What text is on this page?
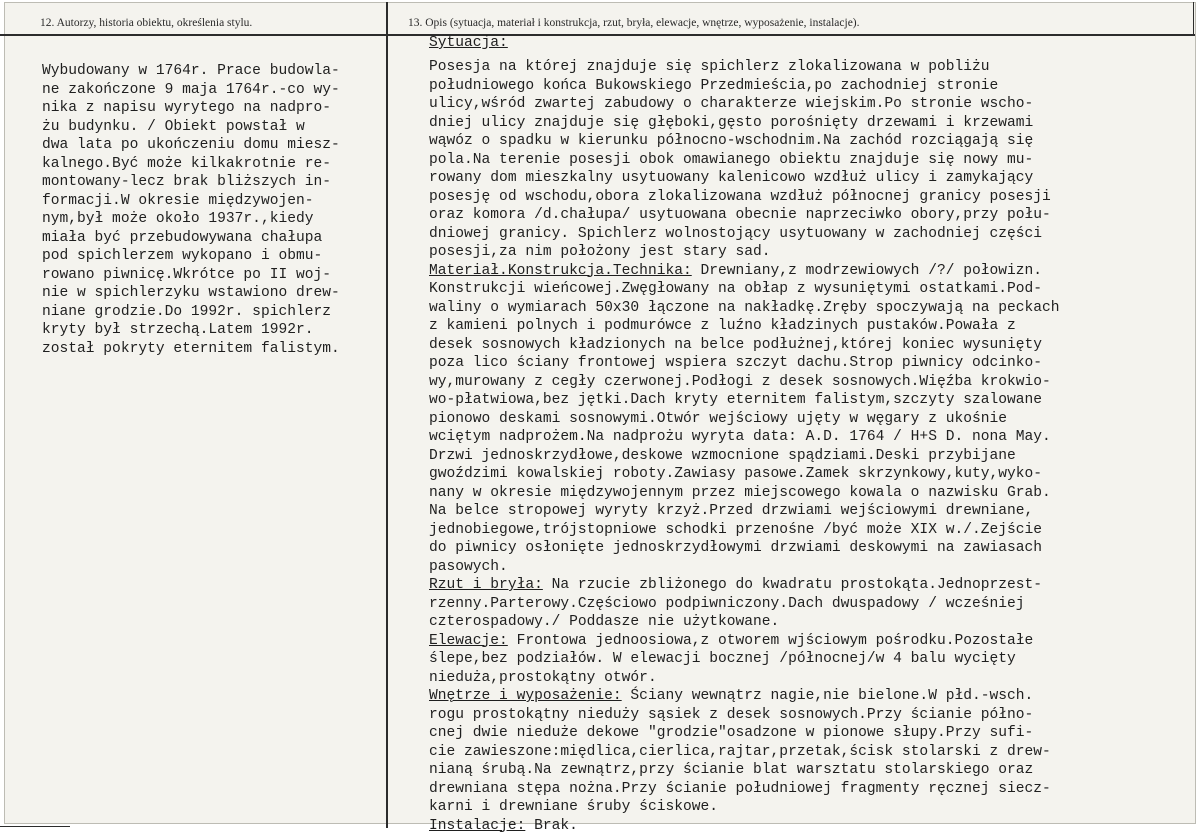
12. Autorzy, historia obiektu, określenia stylu.	13. Opis (sytuacja, materiał i konstrukcja, rzut, bryła, elewacje, wnętrze, wyposażenie, instalacje).
Sytuacja:
Wybudowany w 1764r. Prace budowla-
ne zakończone 9 maja 1764r.-co wy-
nika z napisu wyrytego na nadpro-
żu budynku. / Obiekt powstał w
dwa lata po ukończeniu domu miesz-
kalnego.Być może kilkakrotnie re-
montowany-lecz brak bliższych in-
formacji.W okresie międzywojen-
nym,był może około 1937r.,kiedy
miała być przebudowywana chałupa
pod spichlerzem wykopano i obmu-
rowano piwnicę.Wkrótce po II woj-
nie w spichlerzyku wstawiono drew-
niane grodzie.Do 1992r. spichlerz
kryty był strzechą.Latem 1992r.
został pokryty eternitem falistym.
Posesja na której znajduje się spichlerz zlokalizowana w pobliżu
południowego końca Bukowskiego Przedmieścia,po zachodniej stronie
ulicy,wśród zwartej zabudowy o charakterze wiejskim.Po stronie wscho-
dniej ulicy znajduje się głęboki,gęsto porośnięty drzewami i krzewami
wąwóz o spadku w kierunku północno-wschodnim.Na zachód rozciągają się
pola.Na terenie posesji obok omawianego obiektu znajduje się nowy mu-
rowany dom mieszkalny usytuowany kalenicowo wzdłuż ulicy i zamykający
posesję od wschodu,obora zlokalizowana wzdłuż północnej granicy posesji
oraz komora /d.chałupa/ usytuowana obecnie naprzeciwko obory,przy połu-
dniowej granicy. Spichlerz wolnostojący usytuowany w zachodniej części
posesji,za nim położony jest stary sad.
Materiał.Konstrukcja.Technika: Drewniany,z modrzewiowych /?/ połowizn.
Konstrukcji wieńcowej.Zwęgłowany na obłap z wysuniętymi ostatkami.Pod-
waliny o wymiarach 50x30 łączone na nakładkę.Zręby spoczywają na peckach
z kamieni polnych i podmurówce z luźno kładzinych pustaków.Powała z
desek sosnowych kładzionych na belce podłużnej,której koniec wysunięty
poza lico ściany frontowej wspiera szczyt dachu.Strop piwnicy odcinko-
wy,murowany z cegły czerwonej.Podłogi z desek sosnowych.Więźba krokwio-
wo-płatwiowa,bez jętki.Dach kryty eternitem falistym,szczyty szalowane
pionowo deskami sosnowymi.Otwór wejściowy ujęty w węgary z ukośnie
wciętym nadprożem.Na nadprożu wyryta data: A.D. 1764 / H+S D. nona May.
Drzwi jednoskrzydłowe,deskowe wzmocnione spądziami.Deski przybijane
gwoździmi kowalskiej roboty.Zawiasy pasowe.Zamek skrzynkowy,kuty,wyko-
nany w okresie międzywojennym przez miejscowego kowala o nazwisku Grab.
Na belce stropowej wyryty krzyż.Przed drzwiami wejściowymi drewniane,
jednobiegowe,trójstopniowe schodki przenośne /być może XIX w./.Zejście
do piwnicy osłonięte jednoskrzydłowymi drzwiami deskowymi na zawiasach
pasowych.
Rzut i bryła: Na rzucie zbliżonego do kwadratu prostokąta.Jednoprzest-
rzenny.Parterowy.Częściowo podpiwniczony.Dach dwuspadowy / wcześniej
czterospadowy./ Poddasze nie użytkowane.
Elewacje: Frontowa jednoosiowa,z otworem wjściowym pośrodku.Pozostałe
ślepe,bez podziałów. W elewacji bocznej /północnej/w 4 balu wycięty
nieduża,prostokątny otwór.
Wnętrze i wyposażenie: Ściany wewnątrz nagie,nie bielone.W płd.-wsch.
rogu prostokątny nieduży sąsiek z desek sosnowych.Przy ścianie półno-
cnej dwie nieduże dekowe "grodzie"osadzone w pionowe słupy.Przy sufi-
cie zawieszone:międlica,cierlica,rajtar,przetak,ścisk stolarski z drew-
nianą śrubą.Na zewnątrz,przy ścianie blat warsztatu stolarskiego oraz
drewniana stępa nożna.Przy ścianie południowej fragmenty ręcznej siecz-
karni i drewniane śruby ściskowe.
Instalacje: Brak.
